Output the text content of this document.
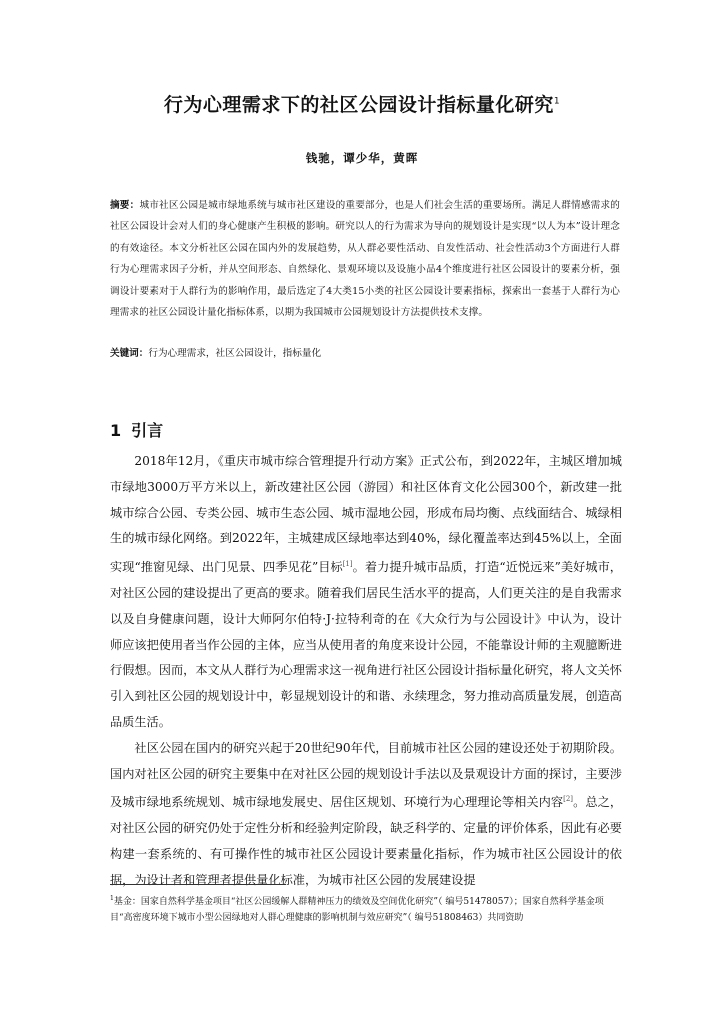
行为心理需求下的社区公园设计指标量化研究$^1$
钱驰，谭少华，黄晖
摘要：城市社区公园是城市绿地系统与城市社区建设的重要部分，也是人们社会生活的重要场所。满足人群情感需求的社区公园设计会对人们的身心健康产生积极的影响。研究以人的行为需求为导向的规划设计是实现“以人为本”设计理念的有效途径。本文分析社区公园在国内外的发展趋势，从人群必要性活动、自发性活动、社会性活动3个方面进行人群行为心理需求因子分析，并从空间形态、自然绿化、景观环境以及设施小品4个维度进行社区公园设计的要素分析，强调设计要素对于人群行为的影响作用，最后选定了4大类15小类的社区公园设计要素指标，探索出一套基于人群行为心理需求的社区公园设计量化指标体系，以期为我国城市公园规划设计方法提供技术支撑。
关键词：行为心理需求，社区公园设计，指标量化
1 引言

2018年12月，《重庆市城市综合管理提升行动方案》正式公布，到2022年，主城区增加城市绿地3000万平方米以上，新改建社区公园（游园）和社区体育文化公园300个，新改建一批城市综合公园、专类公园、城市生态公园、城市湿地公园，形成布局均衡、点线面结合、城绿相生的城市绿化网络。到2022年，主城建成区绿地率达到40%，绿化覆盖率达到45%以上，全面实现“推窗见绿、出门见景、四季见花”目标[1]。着力提升城市品质，打造“近悦远来”美好城市，对社区公园的建设提出了更高的要求。随着我们居民生活水平的提高，人们更关注的是自我需求以及自身健康问题，设计大师阿尔伯特·J·拉特利奇的在《大众行为与公园设计》中认为，设计师应该把使用者当作公园的主体，应当从使用者的角度来设计公园，不能靠设计师的主观臆断进行假想。因而，本文从人群行为心理需求这一视角进行社区公园设计指标量化研究，将人文关怀引入到社区公园的规划设计中，彰显规划设计的和谐、永续理念，努力推动高质量发展，创造高品质生活。

社区公园在国内的研究兴起于20世纪90年代，目前城市社区公园的建设还处于初期阶段。国内对社区公园的研究主要集中在对社区公园的规划设计手法以及景观设计方面的探讨，主要涉及城市绿地系统规划、城市绿地发展史、居住区规划、环境行为心理理论等相关内容[2]。总之，对社区公园的研究仍处于定性分析和经验判定阶段，缺乏科学的、定量的评价体系，因此有必要构建一套系统的、有可操作性的城市社区公园设计要素量化指标，作为城市社区公园设计的依据，为设计者和管理者提供量化标准，为城市社区公园的发展建设提

$^1$基金：国家自然科学基金项目“社区公园缓解人群精神压力的绩效及空间优化研究”（ 编号51478057）；国家自然科学基金项目“高密度环境下城市小型公园绿地对人群心理健康的影响机制与效应研究”（ 编号51808463）共同资助
